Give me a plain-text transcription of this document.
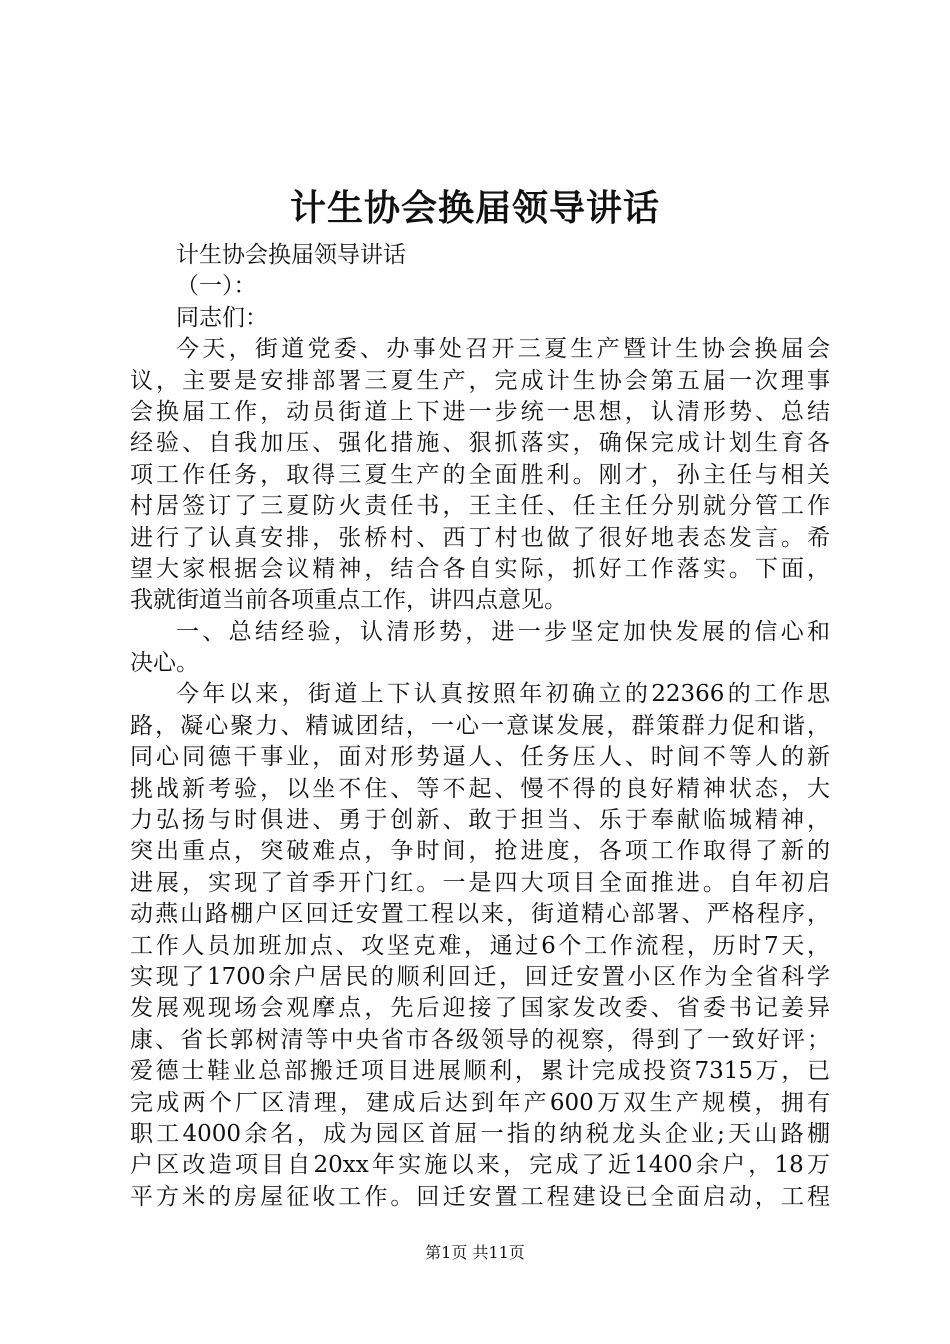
计生协会换届领导讲话
计生协会换届领导讲话
（一）：
同志们：
今天，街道党委、办事处召开三夏生产暨计生协会换届会
议，主要是安排部署三夏生产，完成计生协会第五届一次理事
会换届工作，动员街道上下进一步统一思想，认清形势、总结
经验、自我加压、强化措施、狠抓落实，确保完成计划生育各
项工作任务，取得三夏生产的全面胜利。刚才，孙主任与相关
村居签订了三夏防火责任书，王主任、任主任分别就分管工作
进行了认真安排，张桥村、西丁村也做了很好地表态发言。希
望大家根据会议精神，结合各自实际，抓好工作落实。下面，
我就街道当前各项重点工作，讲四点意见。
一、总结经验，认清形势，进一步坚定加快发展的信心和
决心。
今年以来，街道上下认真按照年初确立的22366的工作思
路，凝心聚力、精诚团结，一心一意谋发展，群策群力促和谐，
同心同德干事业，面对形势逼人、任务压人、时间不等人的新
挑战新考验，以坐不住、等不起、慢不得的良好精神状态，大
力弘扬与时俱进、勇于创新、敢于担当、乐于奉献临城精神，
突出重点，突破难点，争时间，抢进度，各项工作取得了新的
进展，实现了首季开门红。一是四大项目全面推进。自年初启
动燕山路棚户区回迁安置工程以来，街道精心部署、严格程序，
工作人员加班加点、攻坚克难，通过6个工作流程，历时7天，
实现了1700余户居民的顺利回迁，回迁安置小区作为全省科学
发展观现场会观摩点，先后迎接了国家发改委、省委书记姜异
康、省长郭树清等中央省市各级领导的视察，得到了一致好评；
爱德士鞋业总部搬迁项目进展顺利，累计完成投资7315万，已
完成两个厂区清理，建成后达到年产600万双生产规模，拥有
职工4000余名，成为园区首屈一指的纳税龙头企业;天山路棚
户区改造项目自20xx年实施以来，完成了近1400余户，18万
平方米的房屋征收工作。回迁安置工程建设已全面启动，工程
第1页 共11页
